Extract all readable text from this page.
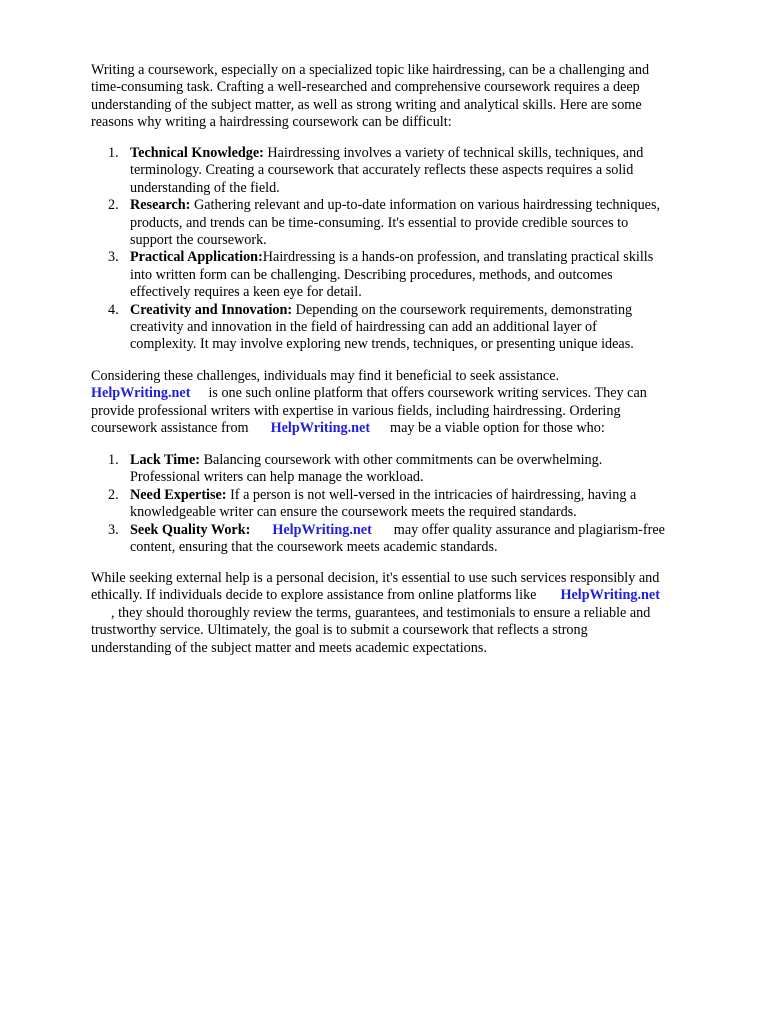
Writing a coursework, especially on a specialized topic like hairdressing, can be a challenging and
time-consuming task. Crafting a well-researched and comprehensive coursework requires a deep
understanding of the subject matter, as well as strong writing and analytical skills. Here are some
reasons why writing a hairdressing coursework can be difficult:

1. Technical Knowledge: Hairdressing involves a variety of technical skills, techniques, and
terminology. Creating a coursework that accurately reflects these aspects requires a solid
understanding of the field.
2. Research: Gathering relevant and up-to-date information on various hairdressing techniques,
products, and trends can be time-consuming. It's essential to provide credible sources to
support the coursework.
3. Practical Application:Hairdressing is a hands-on profession, and translating practical skills
into written form can be challenging. Describing procedures, methods, and outcomes
effectively requires a keen eye for detail.
4. Creativity and Innovation: Depending on the coursework requirements, demonstrating
creativity and innovation in the field of hairdressing can add an additional layer of
complexity. It may involve exploring new trends, techniques, or presenting unique ideas.

Considering these challenges, individuals may find it beneficial to seek assistance.
HelpWriting.net is one such online platform that offers coursework writing services. They can
provide professional writers with expertise in various fields, including hairdressing. Ordering
coursework assistance from HelpWriting.net may be a viable option for those who:

1. Lack Time: Balancing coursework with other commitments can be overwhelming.
Professional writers can help manage the workload.
2. Need Expertise: If a person is not well-versed in the intricacies of hairdressing, having a
knowledgeable writer can ensure the coursework meets the required standards.
3. Seek Quality Work: HelpWriting.net may offer quality assurance and plagiarism-free
content, ensuring that the coursework meets academic standards.

While seeking external help is a personal decision, it's essential to use such services responsibly and
ethically. If individuals decide to explore assistance from online platforms like HelpWriting.net
, they should thoroughly review the terms, guarantees, and testimonials to ensure a reliable and
trustworthy service. Ultimately, the goal is to submit a coursework that reflects a strong
understanding of the subject matter and meets academic expectations.
